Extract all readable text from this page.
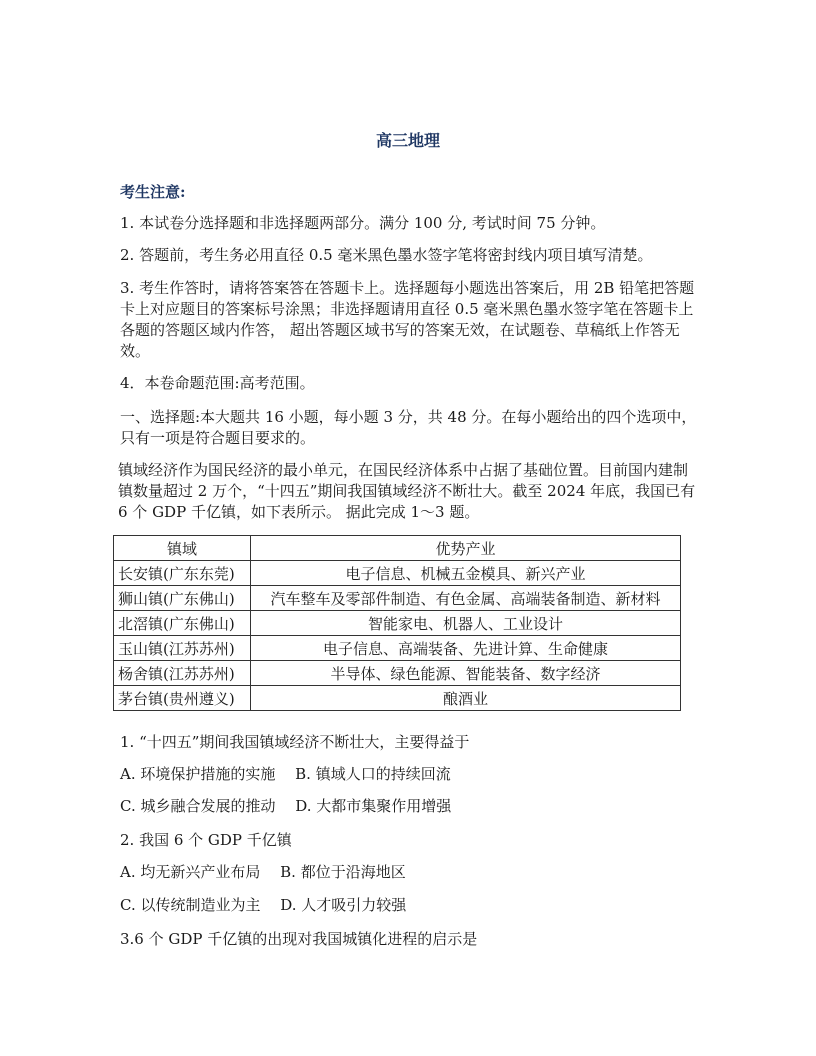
高三地理
考生注意:

1. 本试卷分选择题和非选择题两部分。满分 100 分, 考试时间 75 分钟。

2. 答题前，考生务必用直径 0.5 毫米黑色墨水签字笔将密封线内项目填写清楚。

3. 考生作答时，请将答案答在答题卡上。选择题每小题选出答案后，用 2B 铅笔把答题卡上对应题目的答案标号涂黑；非选择题请用直径 0.5 毫米黑色墨水签字笔在答题卡上各题的答题区域内作答， 超出答题区域书写的答案无效，在试题卷、草稿纸上作答无效。

4．本卷命题范围:高考范围。

一、选择题:本大题共 16 小题，每小题 3 分，共 48 分。在每小题给出的四个选项中，只有一项是符合题目要求的。

镇域经济作为国民经济的最小单元，在国民经济体系中占据了基础位置。目前国内建制镇数量超过 2 万个，“十四五”期间我国镇域经济不断壮大。截至 2024 年底，我国已有 6 个 GDP 千亿镇，如下表所示。 据此完成 1～3 题。

镇域	优势产业
长安镇(广东东莞)	电子信息、机械五金模具、新兴产业
狮山镇(广东佛山)	汽车整车及零部件制造、有色金属、高端装备制造、新材料
北滘镇(广东佛山)	智能家电、机器人、工业设计
玉山镇(江苏苏州)	电子信息、高端装备、先进计算、生命健康
杨舍镇(江苏苏州)	半导体、绿色能源、智能装备、数字经济
茅台镇(贵州遵义)	酿酒业

1. “十四五”期间我国镇域经济不断壮大，主要得益于

A. 环境保护措施的实施　 B. 镇域人口的持续回流

C. 城乡融合发展的推动　 D. 大都市集聚作用增强

2. 我国 6 个 GDP 千亿镇

A. 均无新兴产业布局　 B. 都位于沿海地区

C. 以传统制造业为主　 D. 人才吸引力较强

3.6 个 GDP 千亿镇的出现对我国城镇化进程的启示是
